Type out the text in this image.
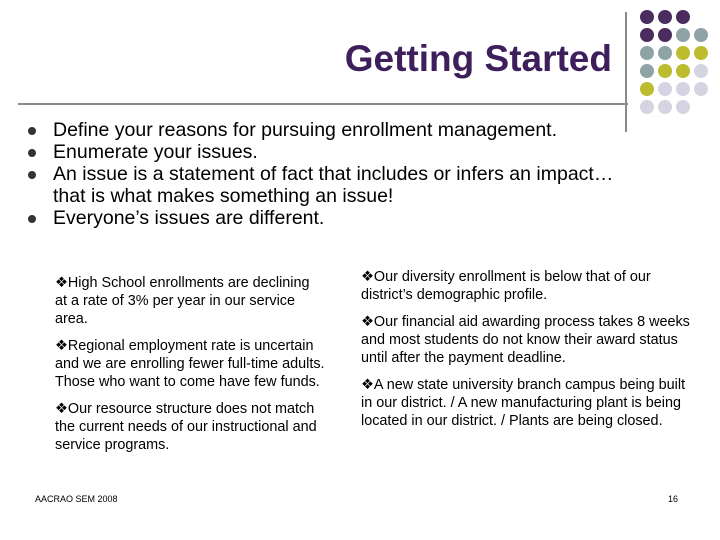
Getting Started
Define your reasons for pursuing enrollment management.
Enumerate your issues.
An issue is a statement of fact that includes or infers an impact…that is what makes something an issue!
Everyone’s issues are different.

❖High School enrollments are declining at a rate of 3% per year in our service area.

❖Regional employment rate is uncertain and we are enrolling fewer full-time adults. Those who want to come have few funds.

❖Our resource structure does not match the current needs of our instructional and service programs.

❖Our diversity enrollment is below that of our district’s demographic profile.

❖Our financial aid awarding process takes 8 weeks and most students do not know their award status until after the payment deadline.

❖A new state university branch campus being built in our district. / A new manufacturing plant is being located in our district. / Plants are being closed.

AACRAO SEM 2008	16
